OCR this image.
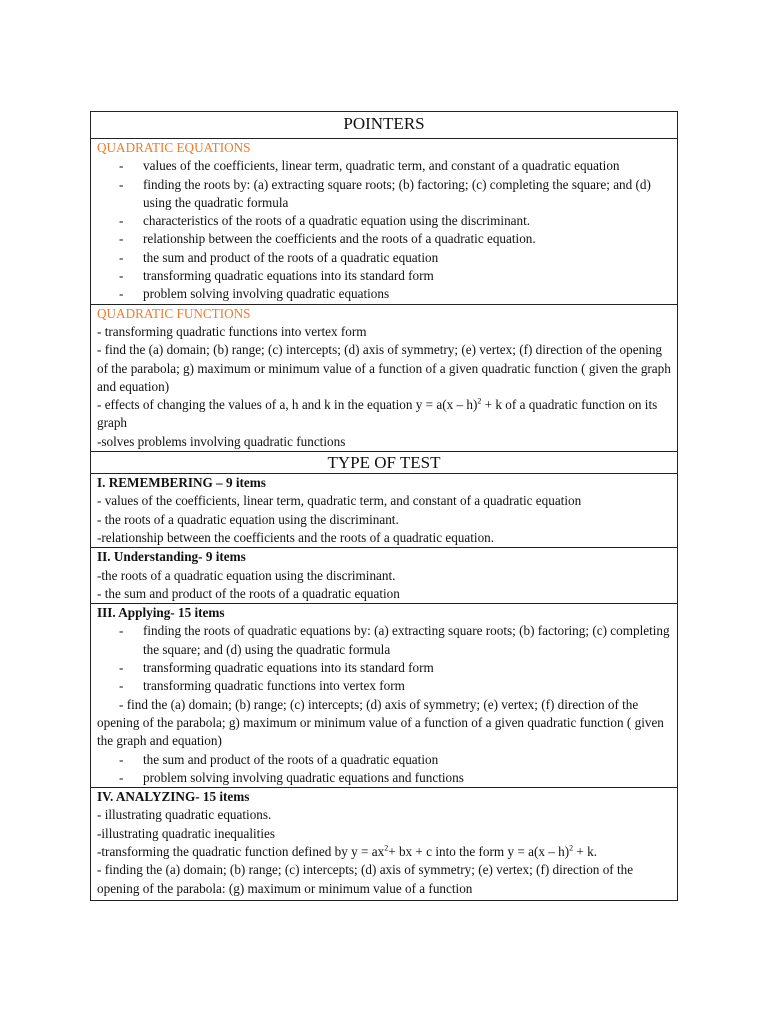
POINTERS

QUADRATIC EQUATIONS
- values of the coefficients, linear term, quadratic term, and constant of a quadratic equation
- finding the roots by: (a) extracting square roots; (b) factoring; (c) completing the square; and (d) using the quadratic formula
- characteristics of the roots of a quadratic equation using the discriminant.
- relationship between the coefficients and the roots of a quadratic equation.
- the sum and product of the roots of a quadratic equation
- transforming quadratic equations into its standard form
- problem solving involving quadratic equations

QUADRATIC FUNCTIONS
- transforming quadratic functions into vertex form
- find the (a) domain; (b) range; (c) intercepts; (d) axis of symmetry; (e) vertex; (f) direction of the opening of the parabola; g) maximum or minimum value of a function of a given quadratic function ( given the graph and equation)
- effects of changing the values of a, h and k in the equation y = a(x – h)$^2$ + k of a quadratic function on its graph
-solves problems involving quadratic functions

TYPE OF TEST

I. REMEMBERING – 9 items
- values of the coefficients, linear term, quadratic term, and constant of a quadratic equation
- the roots of a quadratic equation using the discriminant.
-relationship between the coefficients and the roots of a quadratic equation.

II. Understanding- 9 items
-the roots of a quadratic equation using the discriminant.
- the sum and product of the roots of a quadratic equation

III. Applying- 15 items
- finding the roots of quadratic equations by: (a) extracting square roots; (b) factoring; (c) completing the square; and (d) using the quadratic formula
- transforming quadratic equations into its standard form
- transforming quadratic functions into vertex form
- find the (a) domain; (b) range; (c) intercepts; (d) axis of symmetry; (e) vertex; (f) direction of the opening of the parabola; g) maximum or minimum value of a function of a given quadratic function ( given the graph and equation)
- the sum and product of the roots of a quadratic equation
- problem solving involving quadratic equations and functions

IV. ANALYZING- 15 items
- illustrating quadratic equations.
-illustrating quadratic inequalities
-transforming the quadratic function defined by $y = ax^2+$ bx + c into the form y = a(x – h)$^2$ + k.
- finding the (a) domain; (b) range; (c) intercepts; (d) axis of symmetry; (e) vertex; (f) direction of the opening of the parabola: (g) maximum or minimum value of a function
